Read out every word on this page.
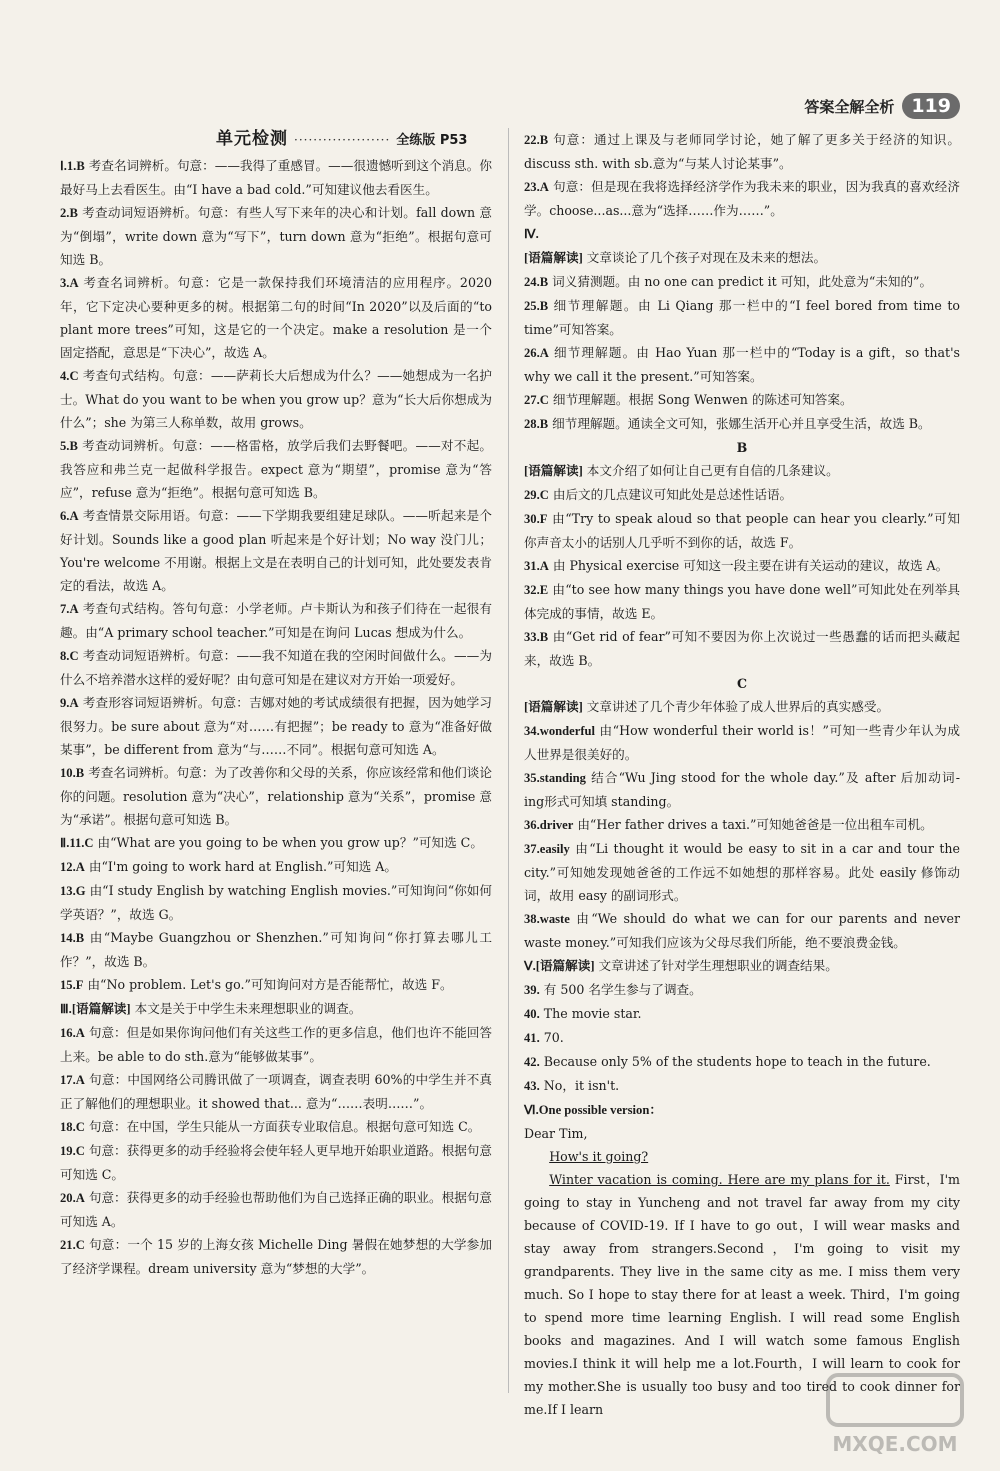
答案全解全析 119
单元检测 ···················· 全练版 P53
Ⅰ.1.B 考查名词辨析。句意：——我得了重感冒。——很遗憾听到这个消息。你最好马上去看医生。由“I have a bad cold.”可知建议他去看医生。
2.B 考查动词短语辨析。句意：有些人写下来年的决心和计划。fall down 意为“倒塌”，write down 意为“写下”，turn down 意为“拒绝”。根据句意可知选 B。
3.A 考查名词辨析。句意：它是一款保持我们环境清洁的应用程序。2020 年，它下定决心要种更多的树。根据第二句的时间“In 2020”以及后面的“to plant more trees”可知，这是它的一个决定。make a resolution 是一个固定搭配，意思是“下决心”，故选 A。
4.C 考查句式结构。句意：——萨莉长大后想成为什么？——她想成为一名护士。What do you want to be when you grow up？意为“长大后你想成为什么”；she 为第三人称单数，故用 grows。
5.B 考查动词辨析。句意：——格雷格，放学后我们去野餐吧。——对不起。我答应和弗兰克一起做科学报告。expect 意为“期望”，promise 意为“答应”，refuse 意为“拒绝”。根据句意可知选 B。
6.A 考查情景交际用语。句意：——下学期我要组建足球队。——听起来是个好计划。Sounds like a good plan 听起来是个好计划；No way 没门儿；You're welcome 不用谢。根据上文是在表明自己的计划可知，此处要发表肯定的看法，故选 A。
7.A 考查句式结构。答句句意：小学老师。卢卡斯认为和孩子们待在一起很有趣。由“A primary school teacher.”可知是在询问 Lucas 想成为什么。
8.C 考查动词短语辨析。句意：——我不知道在我的空闲时间做什么。——为什么不培养潜水这样的爱好呢？由句意可知是在建议对方开始一项爱好。
9.A 考查形容词短语辨析。句意：吉娜对她的考试成绩很有把握，因为她学习很努力。be sure about 意为“对……有把握”；be ready to 意为“准备好做某事”，be different from 意为“与……不同”。根据句意可知选 A。
10.B 考查名词辨析。句意：为了改善你和父母的关系，你应该经常和他们谈论你的问题。resolution 意为“决心”，relationship 意为“关系”，promise 意为“承诺”。根据句意可知选 B。
Ⅱ.11.C 由“What are you going to be when you grow up？”可知选 C。
12.A 由“I'm going to work hard at English.”可知选 A。
13.G 由“I study English by watching English movies.”可知询问“你如何学英语？”，故选 G。
14.B 由“Maybe Guangzhou or Shenzhen.”可知询问“你打算去哪儿工作？”，故选 B。
15.F 由“No problem. Let's go.”可知询问对方是否能帮忙，故选 F。
Ⅲ.[语篇解读] 本文是关于中学生未来理想职业的调查。
16.A 句意：但是如果你询问他们有关这些工作的更多信息，他们也许不能回答上来。be able to do sth.意为“能够做某事”。
17.A 句意：中国网络公司腾讯做了一项调查，调查表明 60%的中学生并不真正了解他们的理想职业。it showed that... 意为“……表明……”。
18.C 句意：在中国，学生只能从一方面获专业取信息。根据句意可知选 C。
19.C 句意：获得更多的动手经验将会使年轻人更早地开始职业道路。根据句意可知选 C。
20.A 句意：获得更多的动手经验也帮助他们为自己选择正确的职业。根据句意可知选 A。
21.C 句意：一个 15 岁的上海女孩 Michelle Ding 暑假在她梦想的大学参加了经济学课程。dream university 意为“梦想的大学”。
22.B 句意：通过上课及与老师同学讨论，她了解了更多关于经济的知识。discuss sth. with sb.意为“与某人讨论某事”。
23.A 句意：但是现在我将选择经济学作为我未来的职业，因为我真的喜欢经济学。choose...as...意为“选择……作为……”。
Ⅳ.
[语篇解读] 文章谈论了几个孩子对现在及未来的想法。
24.B 词义猜测题。由 no one can predict it 可知，此处意为“未知的”。
25.B 细节理解题。由 Li Qiang 那一栏中的“I feel bored from time to time”可知答案。
26.A 细节理解题。由 Hao Yuan 那一栏中的“Today is a gift，so that's why we call it the present.”可知答案。
27.C 细节理解题。根据 Song Wenwen 的陈述可知答案。
28.B 细节理解题。通读全文可知，张娜生活开心并且享受生活，故选 B。
B
[语篇解读] 本文介绍了如何让自己更有自信的几条建议。
29.C 由后文的几点建议可知此处是总述性话语。
30.F 由“Try to speak aloud so that people can hear you clearly.”可知你声音太小的话别人几乎听不到你的话，故选 F。
31.A 由 Physical exercise 可知这一段主要在讲有关运动的建议，故选 A。
32.E 由“to see how many things you have done well”可知此处在列举具体完成的事情，故选 E。
33.B 由“Get rid of fear”可知不要因为你上次说过一些愚蠢的话而把头藏起来，故选 B。
C
[语篇解读] 文章讲述了几个青少年体验了成人世界后的真实感受。
34.wonderful 由“How wonderful their world is！”可知一些青少年认为成人世界是很美好的。
35.standing 结合“Wu Jing stood for the whole day.”及 after 后加动词-ing形式可知填 standing。
36.driver 由“Her father drives a taxi.”可知她爸爸是一位出租车司机。
37.easily 由“Li thought it would be easy to sit in a car and tour the city.”可知她发现她爸爸的工作远不如她想的那样容易。此处 easily 修饰动词，故用 easy 的副词形式。
38.waste 由“We should do what we can for our parents and never waste money.”可知我们应该为父母尽我们所能，绝不要浪费金钱。
Ⅴ.[语篇解读] 文章讲述了针对学生理想职业的调查结果。
39. 有 500 名学生参与了调查。
40. The movie star.
41. 70.
42. Because only 5% of the students hope to teach in the future.
43. No，it isn't.
Ⅵ.One possible version：
Dear Tim,

How's it going?

Winter vacation is coming. Here are my plans for it. First，I'm going to stay in Yuncheng and not travel far away from my city because of COVID-19. If I have to go out，I will wear masks and stay away from strangers.Second，I'm going to visit my grandparents. They live in the same city as me. I miss them very much. So I hope to stay there for at least a week. Third，I'm going to spend more time learning English. I will read some English books and magazines. And I will watch some famous English movies.I think it will help me a lot.Fourth，I will learn to cook for my mother.She is usually too busy and too tired to cook dinner for me.If I learn

MXQE.COM
